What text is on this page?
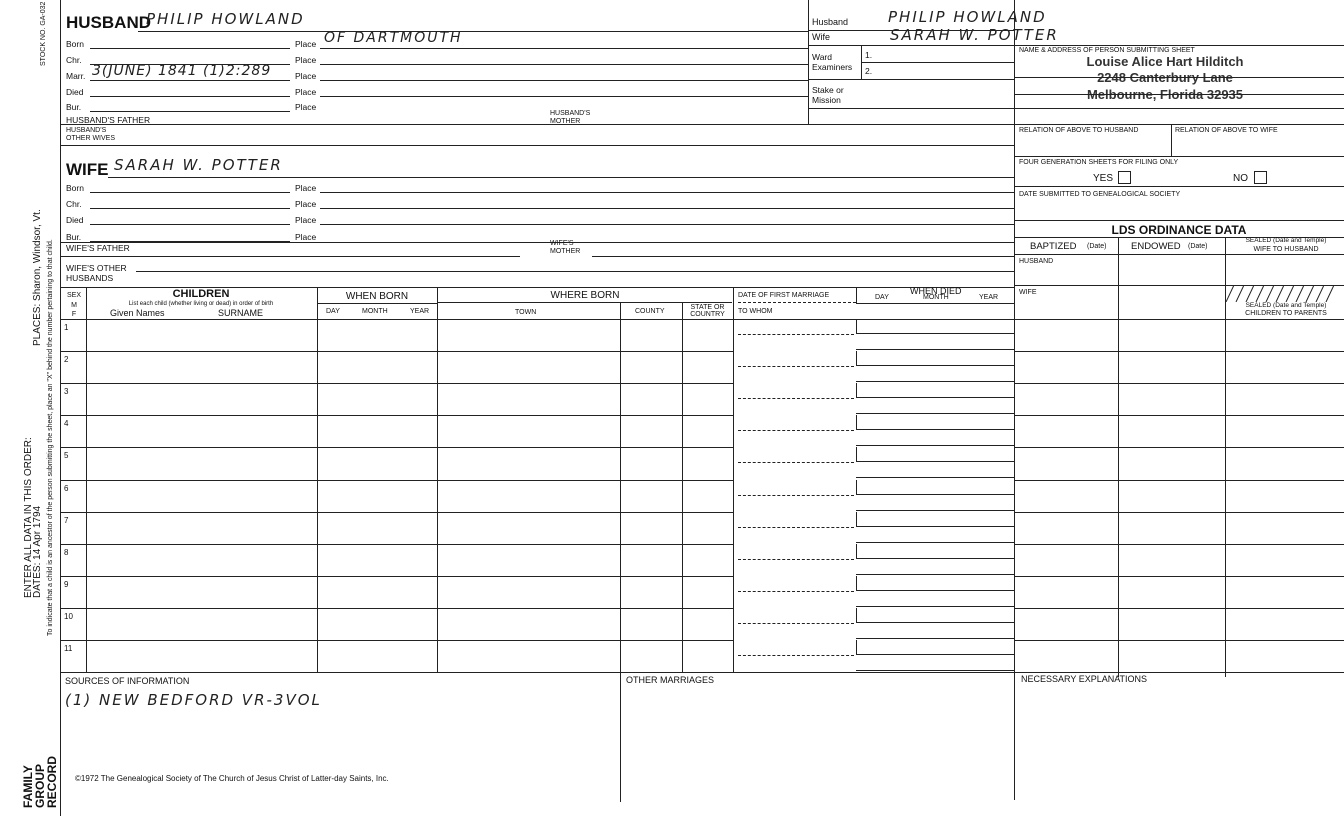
STOCK NO. GA-032
PLACES: Sharon, Windsor, Vt.
ENTER ALL DATA IN THIS ORDER:
DATES: 14 Apr 1794 To indicate that a child is an ancestor of the person submitting the sheet, place an "X" behind the number pertaining to that child.
FAMILY
GROUP
RECORD
HUSBAND
PHILIP HOWLAND
Born	Place OF DARTMOUTH
Chr.	Place
Marr. 3(JUNE) 1841 (1)2:289	Place
Died	Place
Bur.	Place
HUSBAND'S FATHER
HUSBAND'S
MOTHER
HUSBAND'S
OTHER WIVES
WIFE SARAH W. POTTER
Born	Place
Chr.	Place
Died	Place
Bur.	Place
WIFE'S FATHER	WIFE'S
MOTHER
WIFE'S OTHER
HUSBANDS
Husband	PHILIP HOWLAND
Wife	SARAH W. POTTER
Ward
Examiners
1.
2.
Stake or
Mission
NAME & ADDRESS OF PERSON SUBMITTING SHEET
Louise Alice Hart Hilditch
2248 Canterbury Lane
Melbourne, Florida 32935
RELATION OF ABOVE TO HUSBAND	RELATION OF ABOVE TO WIFE
FOUR GENERATION SHEETS FOR FILING ONLY
YES	NO
DATE SUBMITTED TO GENEALOGICAL SOCIETY
LDS ORDINANCE DATA
BAPTIZED (Date)	ENDOWED (Date)
SEALED (Date and Temple)
WIFE TO HUSBAND
HUSBAND
WIFE
SEALED (Date and Temple)
CHILDREN TO PARENTS
SEX
M
F
CHILDREN
List each child (whether living or dead) in order of birth
Given Names	SURNAME
WHEN BORN
DAY	MONTH	YEAR
WHERE BORN
TOWN	COUNTY
STATE OR
COUNTRY
DATE OF FIRST MARRIAGE
TO WHOM
WHEN DIED
DAY	MONTH	YEAR
1
2
3
4
5
6
7
8
9
10
11
SOURCES OF INFORMATION
(1) NEW BEDFORD VR-3VOL
OTHER MARRIAGES	NECESSARY EXPLANATIONS
©1972 The Genealogical Society of The Church of Jesus Christ of Latter-day Saints, Inc.
